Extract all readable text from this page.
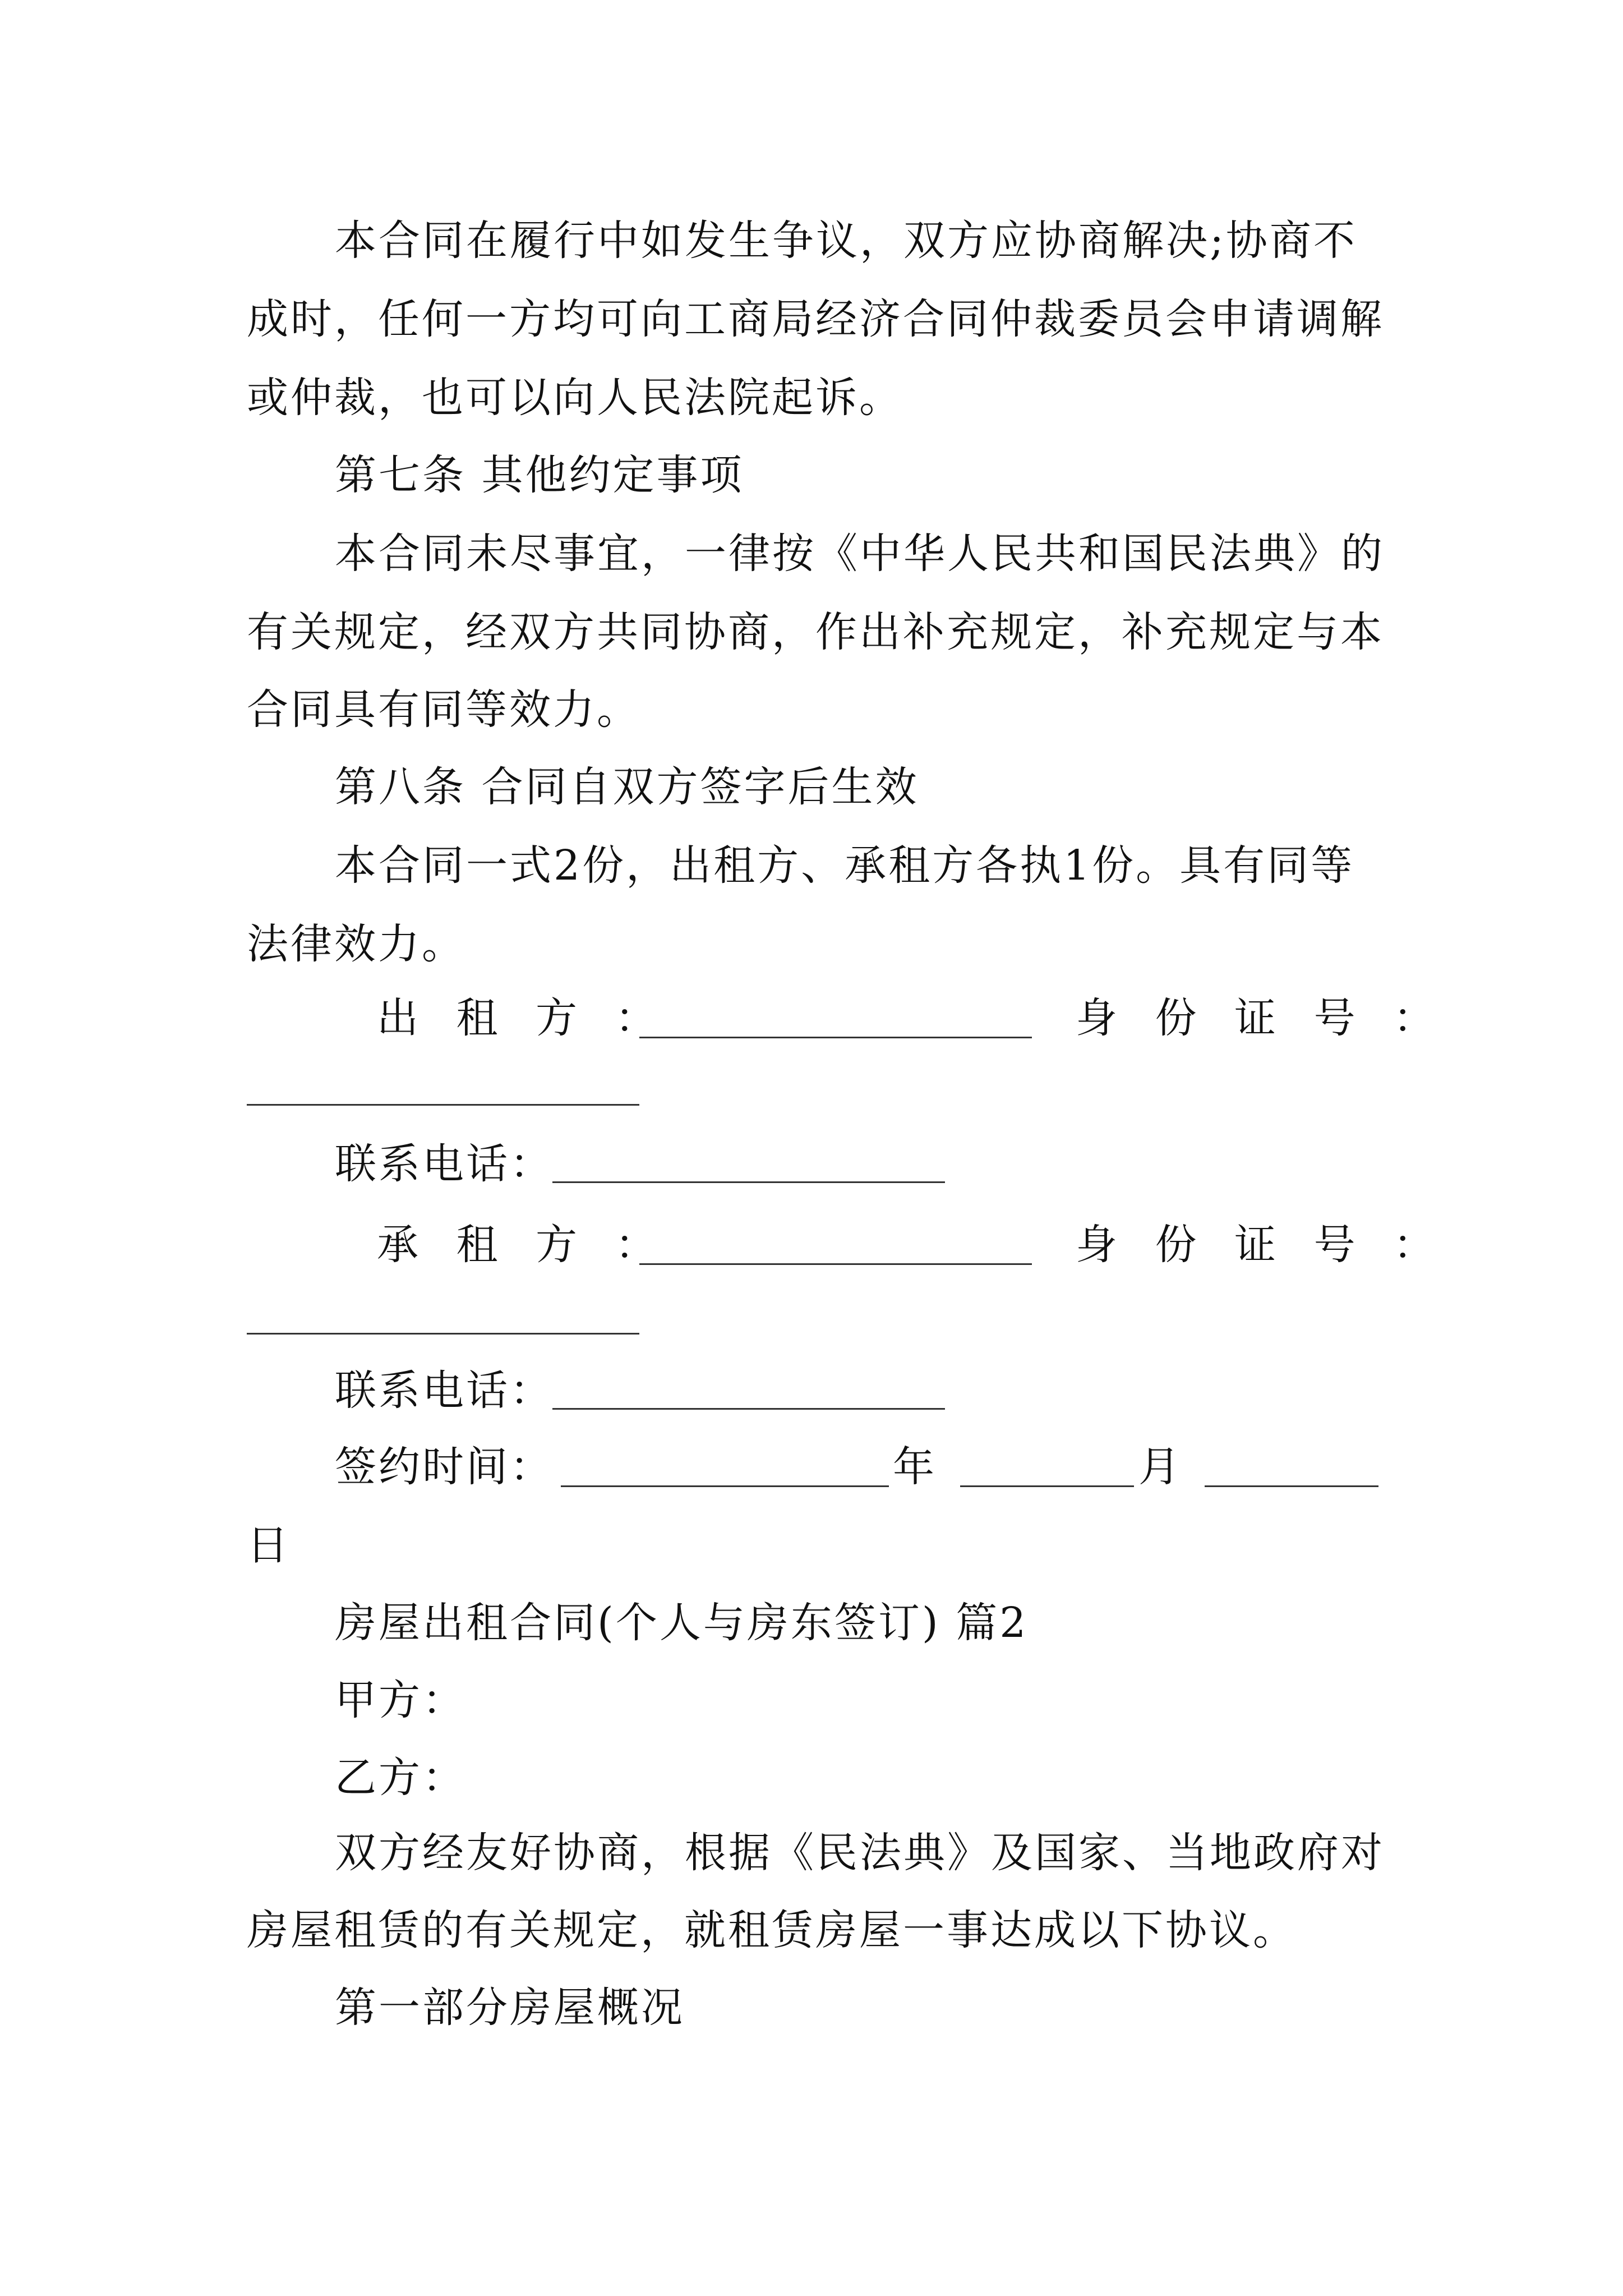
本合同在履行中如发生争议，双方应协商解决;协商不
成时，任何一方均可向工商局经济合同仲裁委员会申请调解
或仲裁，也可以向人民法院起诉。
第七条 其他约定事项
本合同未尽事宜，一律按《中华人民共和国民法典》的
有关规定，经双方共同协商，作出补充规定，补充规定与本
合同具有同等效力。
第八条 合同自双方签字后生效
本合同一式2份，出租方、承租方各执1份。具有同等
法律效力。
出 租 方 ：	身 份 证 号 ：
联系电话：
承 租 方 ：	身 份 证 号 ：
联系电话：
签约时间：	年	月
日
房屋出租合同(个人与房东签订) 篇2
甲方：
乙方：
双方经友好协商，根据《民法典》及国家、当地政府对
房屋租赁的有关规定，就租赁房屋一事达成以下协议。
第一部分房屋概况
